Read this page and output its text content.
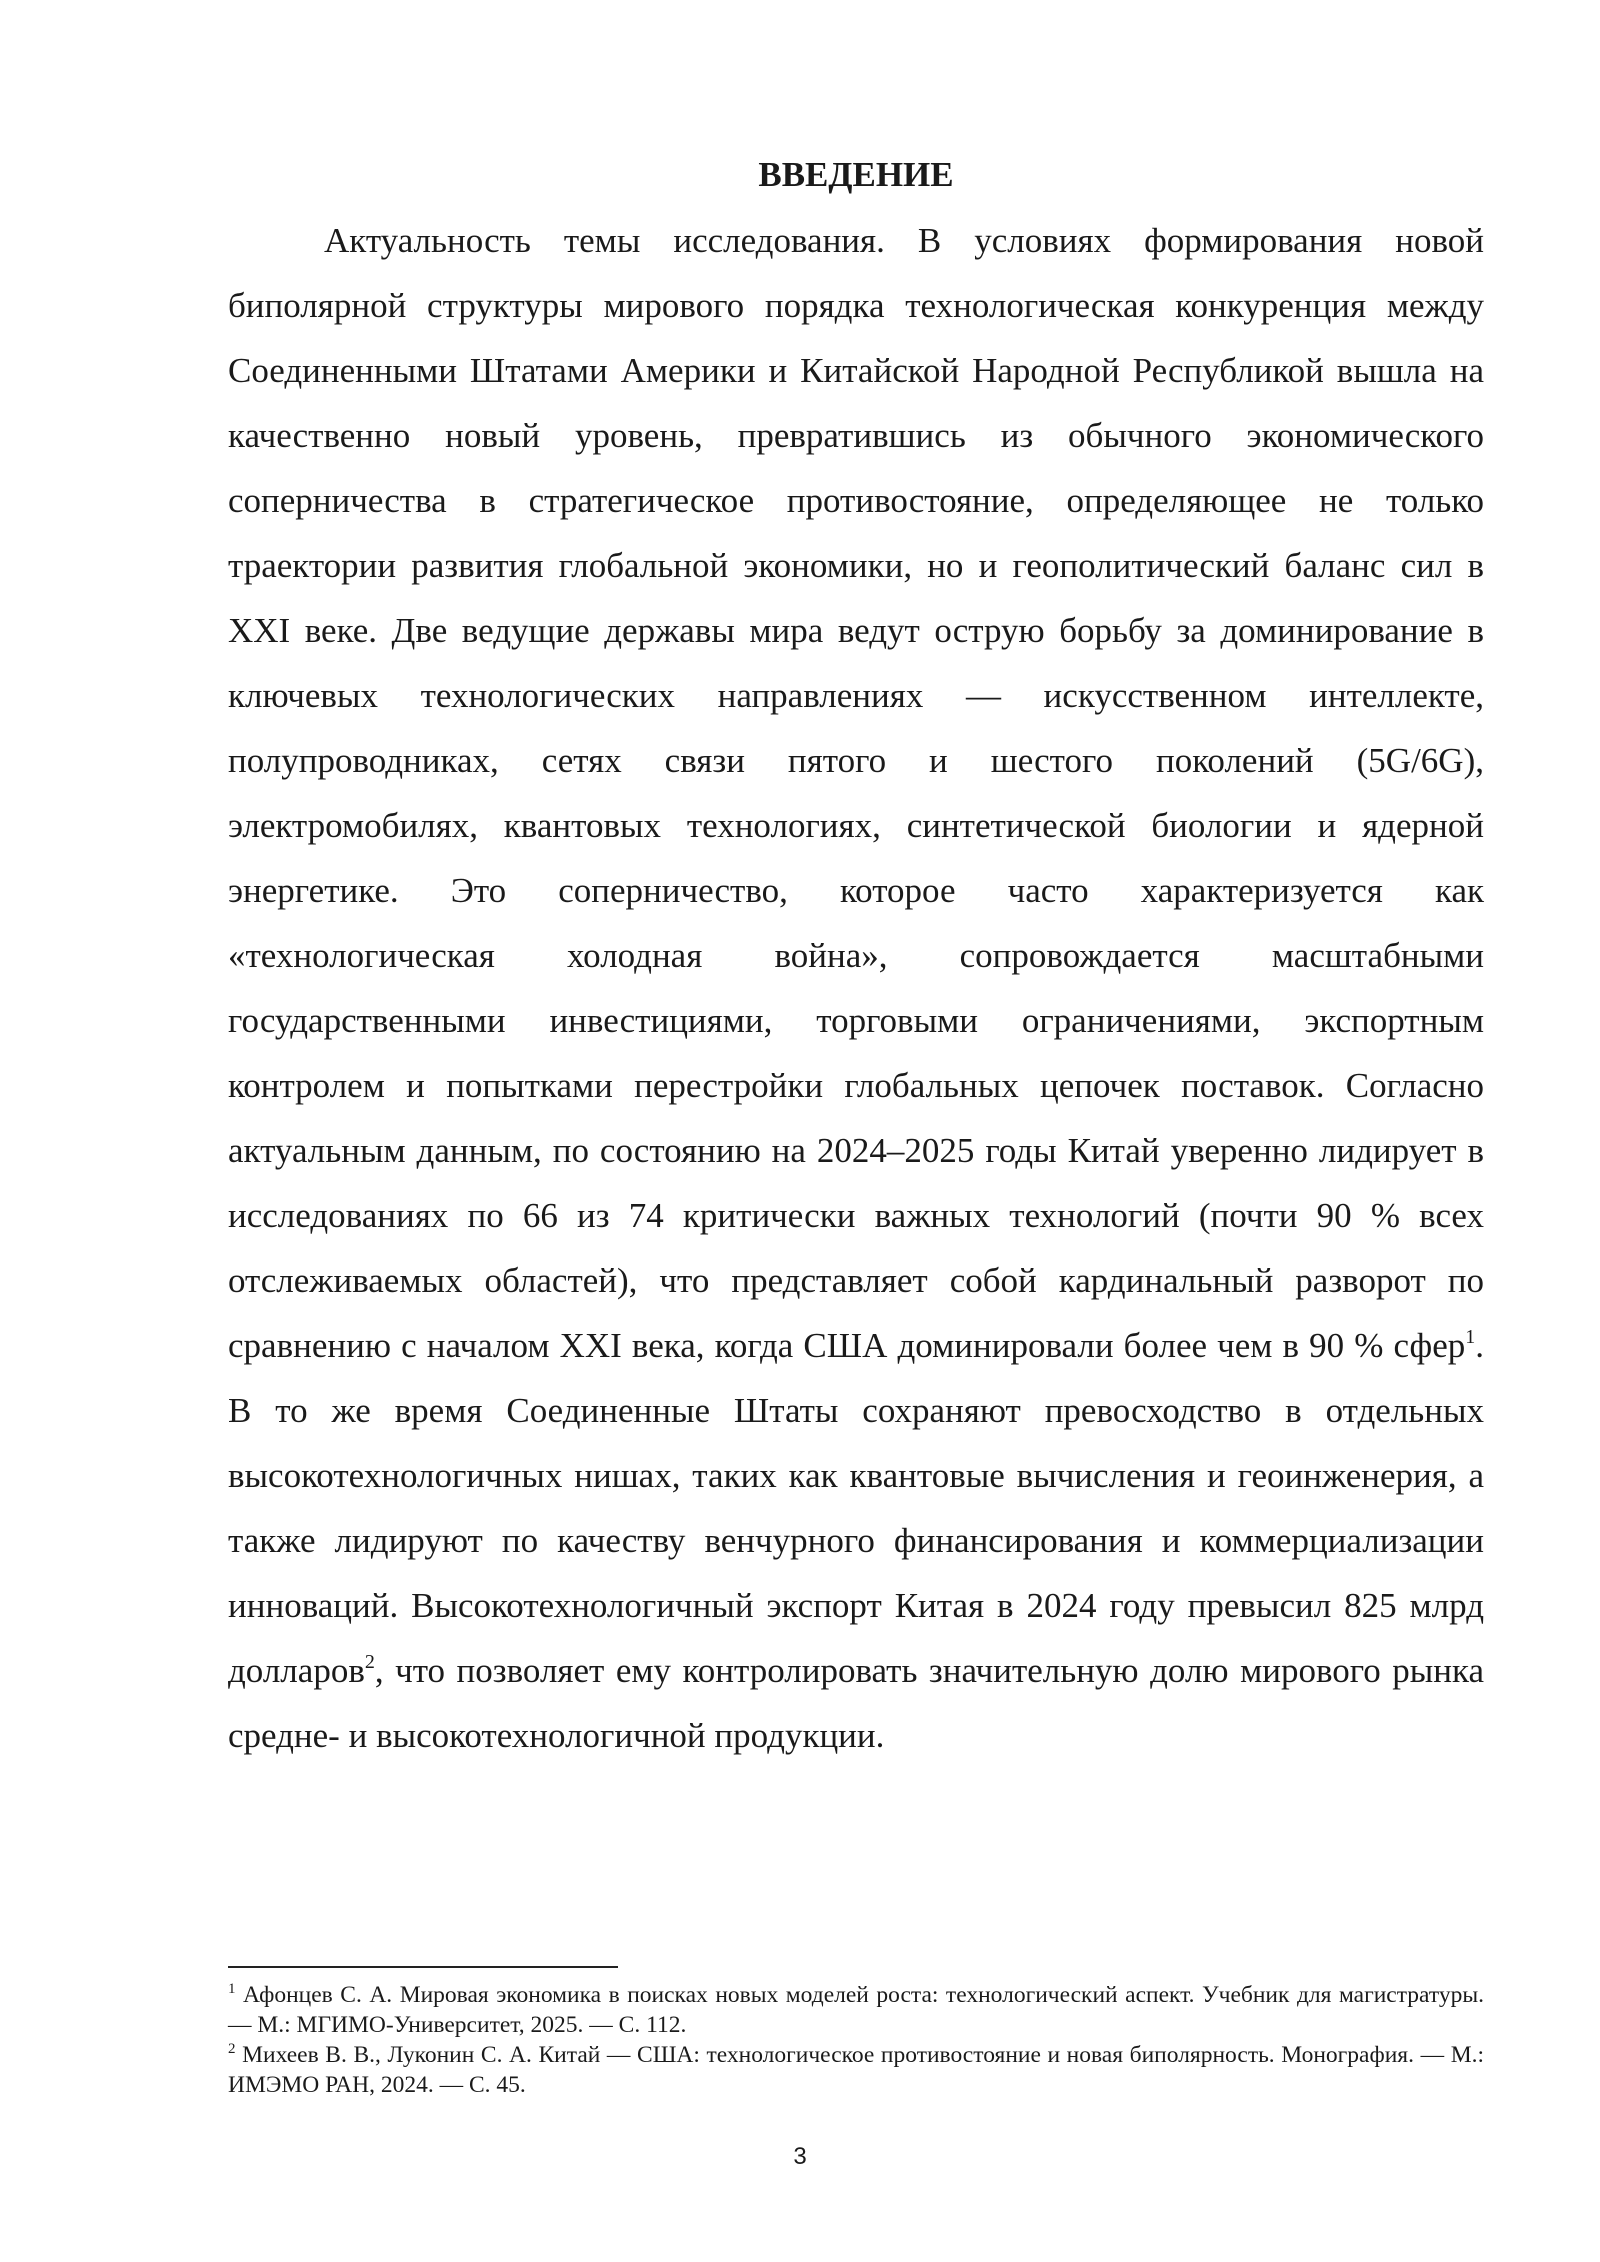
ВВЕДЕНИЕ

Актуальность темы исследования. В условиях формирования новой биполярной структуры мирового порядка технологическая конкуренция между Соединенными Штатами Америки и Китайской Народной Республикой вышла на качественно новый уровень, превратившись из обычного экономического соперничества в стратегическое противостояние, определяющее не только траектории развития глобальной экономики, но и геополитический баланс сил в XXI веке. Две ведущие державы мира ведут острую борьбу за доминирование в ключевых технологических направлениях — искусственном интеллекте, полупроводниках, сетях связи пятого и шестого поколений (5G/6G), электромобилях, квантовых технологиях, синтетической биологии и ядерной энергетике. Это соперничество, которое часто характеризуется как «технологическая холодная война», сопровождается масштабными государственными инвестициями, торговыми ограничениями, экспортным контролем и попытками перестройки глобальных цепочек поставок. Согласно актуальным данным, по состоянию на 2024–2025 годы Китай уверенно лидирует в исследованиях по 66 из 74 критически важных технологий (почти 90 % всех отслеживаемых областей), что представляет собой кардинальный разворот по сравнению с началом XXI века, когда США доминировали более чем в 90 % сфер$^1$. В то же время Соединенные Штаты сохраняют превосходство в отдельных высокотехнологичных нишах, таких как квантовые вычисления и геоинженерия, а также лидируют по качеству венчурного финансирования и коммерциализации инноваций. Высокотехнологичный экспорт Китая в 2024 году превысил 825 млрд долларов$^2$, что позволяет ему контролировать значительную долю мирового рынка средне- и высокотехнологичной продукции.

$^1$ Афонцев С. А. Мировая экономика в поисках новых моделей роста: технологический аспект. Учебник для магистратуры. — М.: МГИМО-Университет, 2025. — С. 112.

$^2$ Михеев В. В., Луконин С. А. Китай — США: технологическое противостояние и новая биполярность. Монография. — М.: ИМЭМО РАН, 2024. — С. 45.

3
